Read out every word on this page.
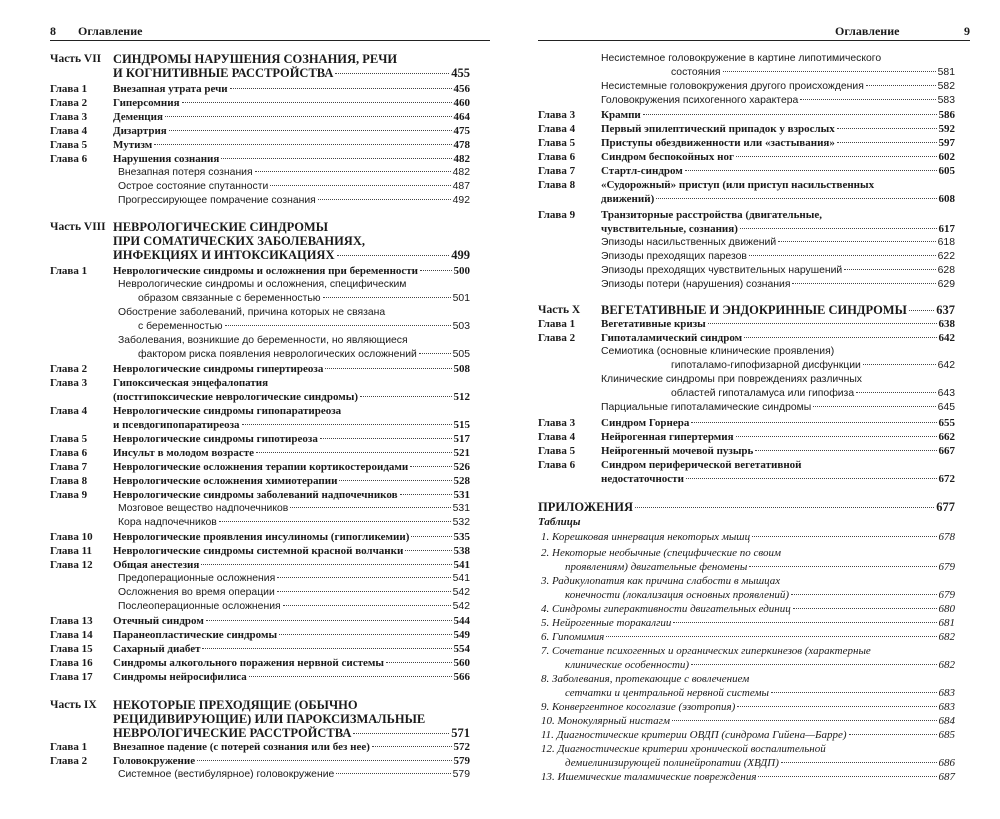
8 Оглавление
Часть VII СИНДРОМЫ НАРУШЕНИЯ СОЗНАНИЯ, РЕЧИ
И КОГНИТИВНЫЕ РАССТРОЙСТВА	455
Глава 1 Внезапная утрата речи	456
Глава 2 Гиперсомния	460
Глава 3 Деменция	464
Глава 4 Дизартрия	475
Глава 5 Мутизм	478
Глава 6 Нарушения сознания	482
Внезапная потеря сознания	482
Острое состояние спутанности	487
Прогрессирующее помрачение сознания	492
Часть VIII НЕВРОЛОГИЧЕСКИЕ СИНДРОМЫ
ПРИ СОМАТИЧЕСКИХ ЗАБОЛЕВАНИЯХ,
ИНФЕКЦИЯХ И ИНТОКСИКАЦИЯХ	499
Глава 1 Неврологические синдромы и осложнения при беременности	500
Неврологические синдромы и осложнения, специфическим
образом связанные с беременностью	501
Обострение заболеваний, причина которых не связана
с беременностью	503
Заболевания, возникшие до беременности, но являющиеся
фактором риска появления неврологических осложнений	505
Глава 2 Неврологические синдромы гипертиреоза	508
Глава 3 Гипоксическая энцефалопатия
(постгипоксические неврологические синдромы)	512
Глава 4 Неврологические синдромы гипопаратиреоза
и псевдогипопаратиреоза	515
Глава 5 Неврологические синдромы гипотиреоза	517
Глава 6 Инсульт в молодом возрасте	521
Глава 7 Неврологические осложнения терапии кортикостероидами	526
Глава 8 Неврологические осложнения химиотерапии	528
Глава 9 Неврологические синдромы заболеваний надпочечников	531
Мозговое вещество надпочечников	531
Кора надпочечников	532
Глава 10 Неврологические проявления инсулиномы (гипогликемии)	535
Глава 11 Неврологические синдромы системной красной волчанки	538
Глава 12 Общая анестезия	541
Предоперационные осложнения	541
Осложнения во время операции	542
Послеоперационные осложнения	542
Глава 13 Отечный синдром	544
Глава 14 Паранеопластические синдромы	549
Глава 15 Сахарный диабет	554
Глава 16 Синдромы алкогольного поражения нервной системы	560
Глава 17 Синдромы нейросифилиса	566
Часть IX НЕКОТОРЫЕ ПРЕХОДЯЩИЕ (ОБЫЧНО
РЕЦИДИВИРУЮЩИЕ) ИЛИ ПАРОКСИЗМАЛЬНЫЕ
НЕВРОЛОГИЧЕСКИЕ РАССТРОЙСТВА	571
Глава 1 Внезапное падение (с потерей сознания или без нее)	572
Глава 2 Головокружение	579
Системное (вестибулярное) головокружение	579
Оглавление	9
Несистемное головокружение в картине липотимического
состояния	581
Несистемные головокружения другого происхождения	582
Головокружения психогенного характера	583
Глава 3 Крампи	586
Глава 4 Первый эпилептический припадок у взрослых	592
Глава 5 Приступы обездвиженности или «застывания»	597
Глава 6 Синдром беспокойных ног	602
Глава 7 Стартл-синдром	605
Глава 8 «Судорожный» приступ (или приступ насильственных
движений)	608
Глава 9 Транзиторные расстройства (двигательные,
чувствительные, сознания)	617
Эпизоды насильственных движений	618
Эпизоды преходящих парезов	622
Эпизоды преходящих чувствительных нарушений	628
Эпизоды потери (нарушения) сознания	629
Часть X ВЕГЕТАТИВНЫЕ И ЭНДОКРИННЫЕ СИНДРОМЫ 637
Глава 1 Вегетативные кризы	638
Глава 2 Гипоталамический синдром	642
Семиотика (основные клинические проявления)
гипоталамо-гипофизарной дисфункции	642
Клинические синдромы при повреждениях различных
областей гипоталамуса или гипофиза	643
Парциальные гипоталамические синдромы	645
Глава 3 Синдром Горнера	655
Глава 4 Нейрогенная гипертермия	662
Глава 5 Нейрогенный мочевой пузырь	667
Глава 6 Синдром периферической вегетативной
недостаточности	672
ПРИЛОЖЕНИЯ	677
Таблицы
1. Корешковая иннервация некоторых мышц	678
2. Некоторые необычные (специфические по своим
проявлениям) двигательные феномены	679
3. Радикулопатия как причина слабости в мышцах
конечности (локализация основных проявлений)	679
4. Синдромы гиперактивности двигательных единиц	680
5. Нейрогенные торакалгии	681
6. Гипомимия	682
7. Сочетание психогенных и органических гиперкинезов (характерные
клинические особенности)	682
8. Заболевания, протекающие с вовлечением
сетчатки и центральной нервной системы	683
9. Конвергентное косоглазие (эзотропия)	683
10. Монокулярный нистагм	684
11. Диагностические критерии ОВДП (синдрома Гийена—Барре)	685
12. Диагностические критерии хронической воспалительной
демиелинизирующей полинейропатии (ХВДП)	686
13. Ишемические таламические повреждения	687
